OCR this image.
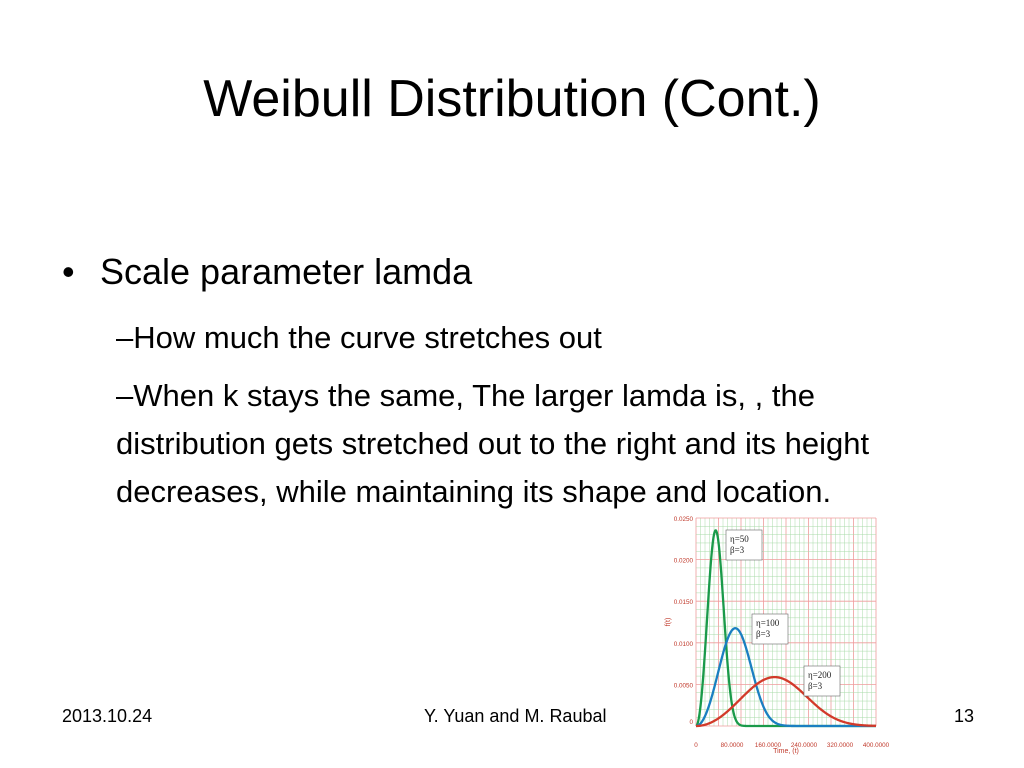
Weibull Distribution (Cont.)
• Scale parameter lamda
–How much the curve stretches out
–When k stays the same, The larger lamda is, , the distribution gets stretched out to the right and its height decreases, while maintaining its shape and location.
0	80.0000 160.0000 240.0000 320.0000 400.0000
0
0.0050
0.0100
0.0150
0.0200
0.0250
Time, (t)
f(t)
η=50
β=3
η=100
β=3
η=200
β=3
2013.10.24	Y. Yuan and M. Raubal	13
